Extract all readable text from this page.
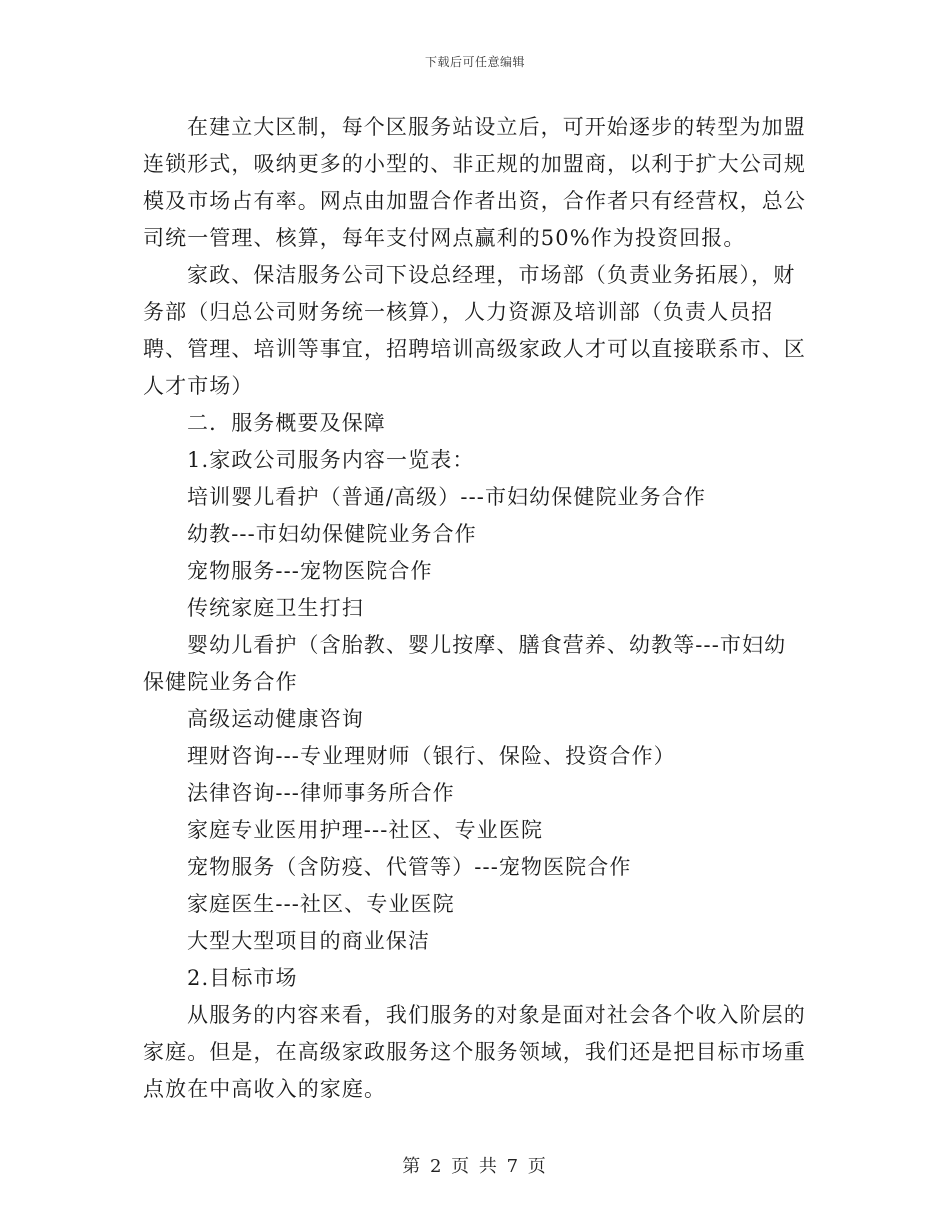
下载后可任意编辑

在建立大区制，每个区服务站设立后，可开始逐步的转型为加盟连锁形式，吸纳更多的小型的、非正规的加盟商，以利于扩大公司规模及市场占有率。网点由加盟合作者出资，合作者只有经营权，总公司统一管理、核算，每年支付网点赢利的50%作为投资回报。

家政、保洁服务公司下设总经理，市场部（负责业务拓展），财务部（归总公司财务统一核算），人力资源及培训部（负责人员招聘、管理、培训等事宜，招聘培训高级家政人才可以直接联系市、区人才市场）

二．服务概要及保障

1.家政公司服务内容一览表：

培训婴儿看护（普通/高级）---市妇幼保健院业务合作

幼教---市妇幼保健院业务合作

宠物服务---宠物医院合作

传统家庭卫生打扫

婴幼儿看护（含胎教、婴儿按摩、膳食营养、幼教等---市妇幼保健院业务合作

高级运动健康咨询

理财咨询---专业理财师（银行、保险、投资合作）

法律咨询---律师事务所合作

家庭专业医用护理---社区、专业医院

宠物服务（含防疫、代管等）---宠物医院合作

家庭医生---社区、专业医院

大型大型项目的商业保洁

2.目标市场

从服务的内容来看，我们服务的对象是面对社会各个收入阶层的家庭。但是，在高级家政服务这个服务领域，我们还是把目标市场重点放在中高收入的家庭。

第 2 页 共 7 页
